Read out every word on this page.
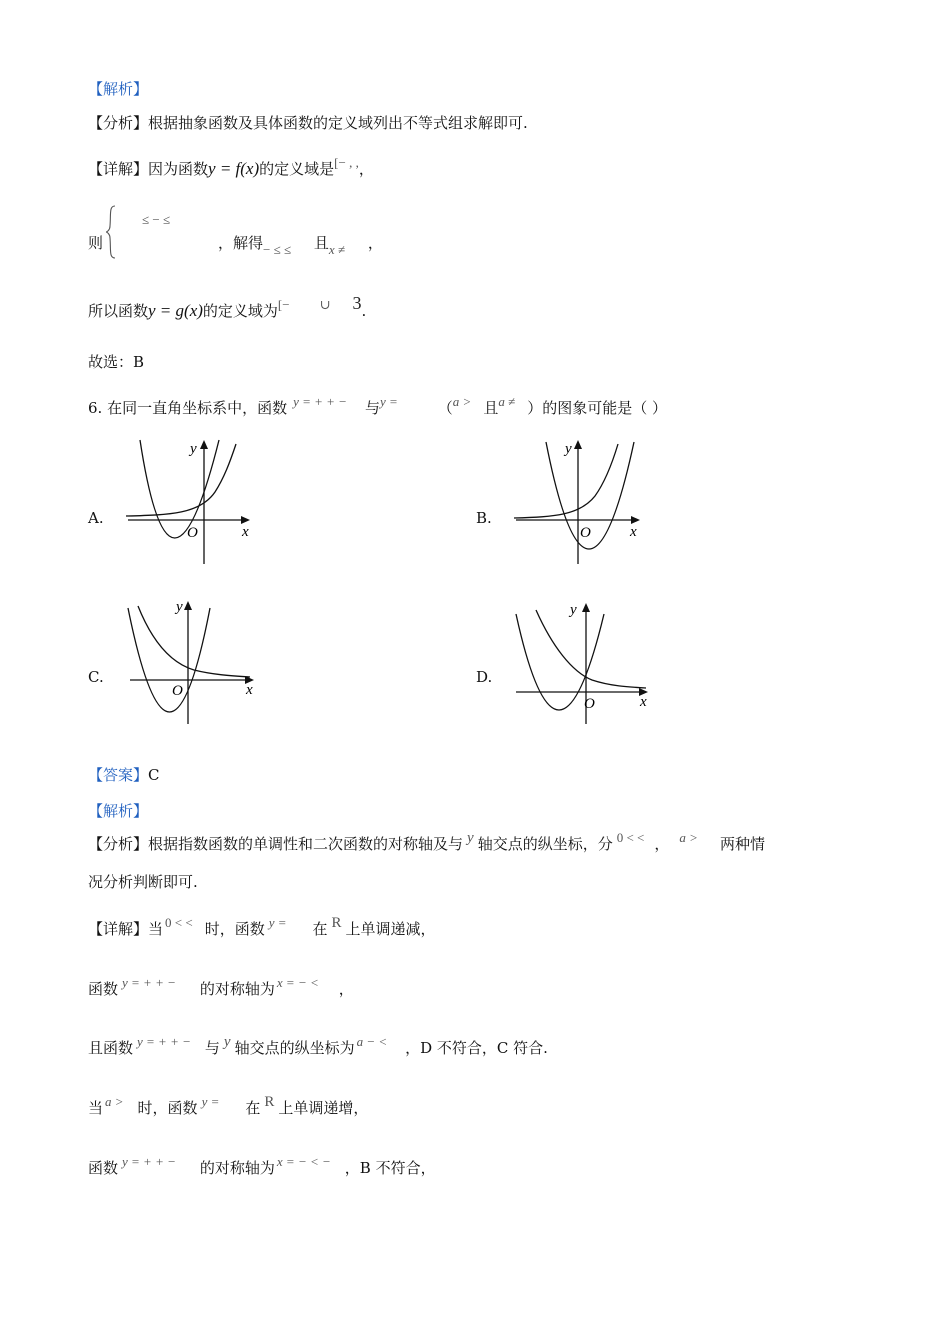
【解析】
【分析】根据抽象函数及具体函数的定义域列出不等式组求解即可.
【详解】因为函数y = f(x)的定义域是[− , ,，
则
≤ − ≤
，解得− ≤ ≤ 且x ≠ ，
所以函数y = g(x)的定义域为[− ∪ 3.
故选：B
6. 在同一直角坐标系中，函数 y = + + − 与y =	（a > 且a ≠ ）的图象可能是（ ）
A.	B.
C.	D.
y
x
O
y
x
O
y
x
O
y
x
O
【答案】C
【解析】
【分析】根据指数函数的单调性和二次函数的对称轴及与 y 轴交点的纵坐标，分 0 < < ， a > 两种情
况分析判断即可.
【详解】当 0 < < 时，函数 y = 在 R 上单调递减，
函数 y = + + − 的对称轴为 x = − < ，
且函数 y = + + − 与 y 轴交点的纵坐标为 a − < ，D 不符合，C 符合.
当 a > 时，函数 y = 在 R 上单调递增，
函数 y = + + − 的对称轴为 x = − < − ，B 不符合，
